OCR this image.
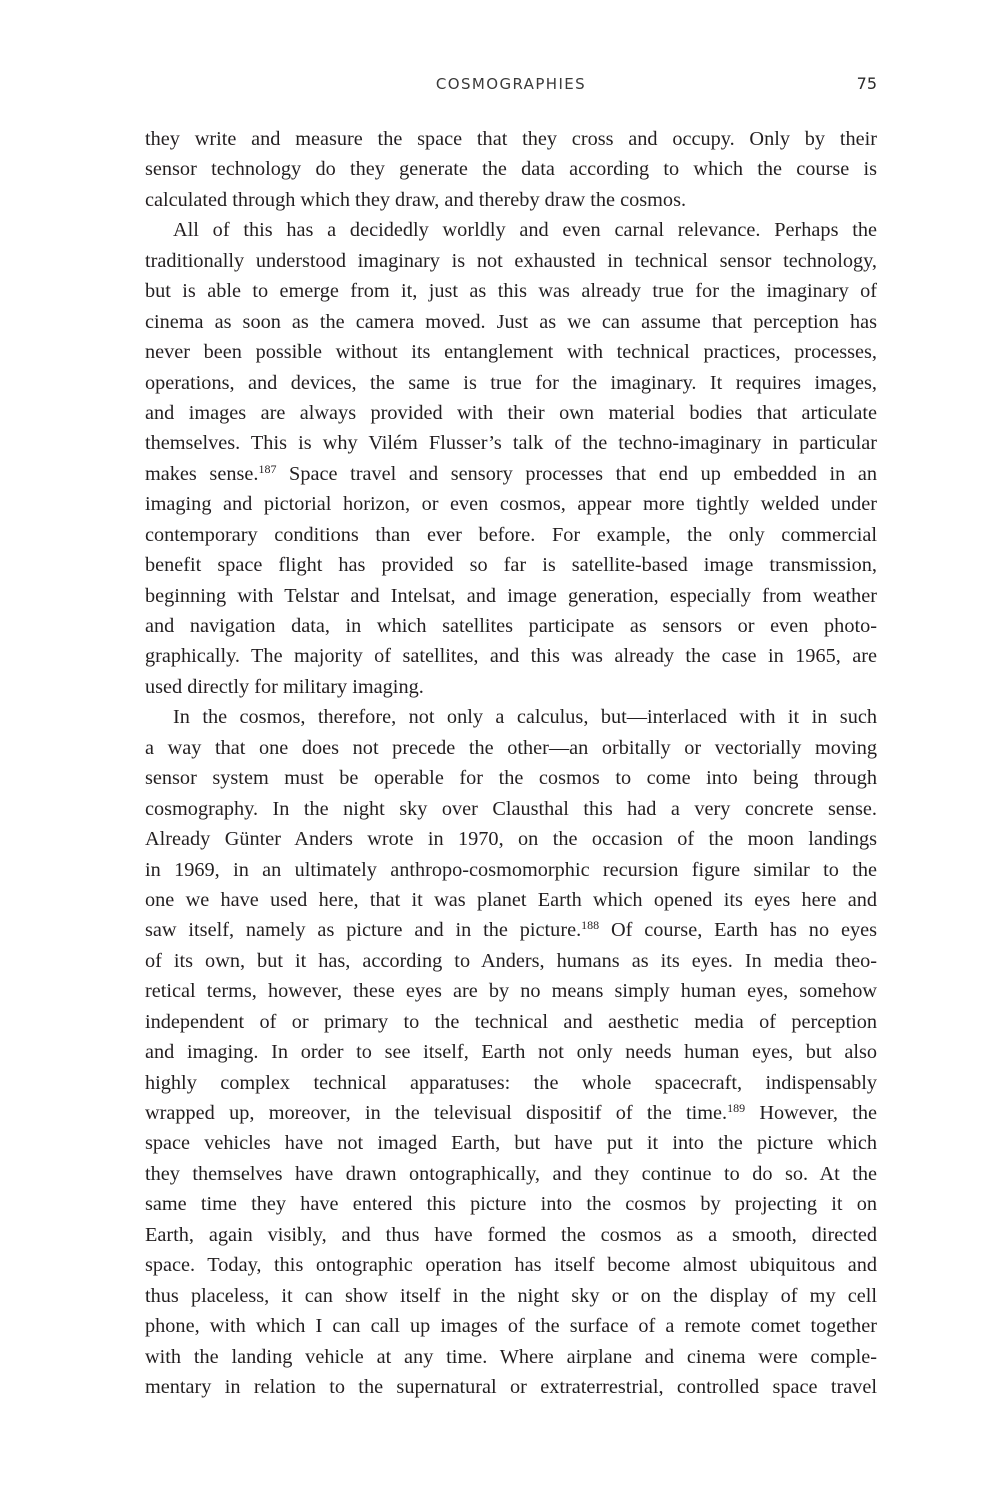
COSMOGRAPHIES	75
they write and measure the space that they cross and occupy. Only by their
sensor technology do they generate the data according to which the course is
calculated through which they draw, and thereby draw the cosmos.
All of this has a decidedly worldly and even carnal relevance. Perhaps the
traditionally understood imaginary is not exhausted in technical sensor technology,
but is able to emerge from it, just as this was already true for the imaginary of
cinema as soon as the camera moved. Just as we can assume that perception has
never been possible without its entanglement with technical practices, processes,
operations, and devices, the same is true for the imaginary. It requires images,
and images are always provided with their own material bodies that articulate
themselves. This is why Vilém Flusser’s talk of the techno-imaginary in particular
makes sense.$^{187}$ Space travel and sensory processes that end up embedded in an
imaging and pictorial horizon, or even cosmos, appear more tightly welded under
contemporary conditions than ever before. For example, the only commercial
benefit space flight has provided so far is satellite-based image transmission,
beginning with Telstar and Intelsat, and image generation, especially from weather
and navigation data, in which satellites participate as sensors or even photo-
graphically. The majority of satellites, and this was already the case in 1965, are
used directly for military imaging.
In the cosmos, therefore, not only a calculus, but—interlaced with it in such
a way that one does not precede the other—an orbitally or vectorially moving
sensor system must be operable for the cosmos to come into being through
cosmography. In the night sky over Clausthal this had a very concrete sense.
Already Günter Anders wrote in 1970, on the occasion of the moon landings
in 1969, in an ultimately anthropo-cosmomorphic recursion figure similar to the
one we have used here, that it was planet Earth which opened its eyes here and
saw itself, namely as picture and in the picture.$^{188}$ Of course, Earth has no eyes
of its own, but it has, according to Anders, humans as its eyes. In media theo-
retical terms, however, these eyes are by no means simply human eyes, somehow
independent of or primary to the technical and aesthetic media of perception
and imaging. In order to see itself, Earth not only needs human eyes, but also
highly complex technical apparatuses: the whole spacecraft, indispensably
wrapped up, moreover, in the televisual dispositif of the time.$^{189}$ However, the
space vehicles have not imaged Earth, but have put it into the picture which
they themselves have drawn ontographically, and they continue to do so. At the
same time they have entered this picture into the cosmos by projecting it on
Earth, again visibly, and thus have formed the cosmos as a smooth, directed
space. Today, this ontographic operation has itself become almost ubiquitous and
thus placeless, it can show itself in the night sky or on the display of my cell
phone, with which I can call up images of the surface of a remote comet together
with the landing vehicle at any time. Where airplane and cinema were comple-
mentary in relation to the supernatural or extraterrestrial, controlled space travel
